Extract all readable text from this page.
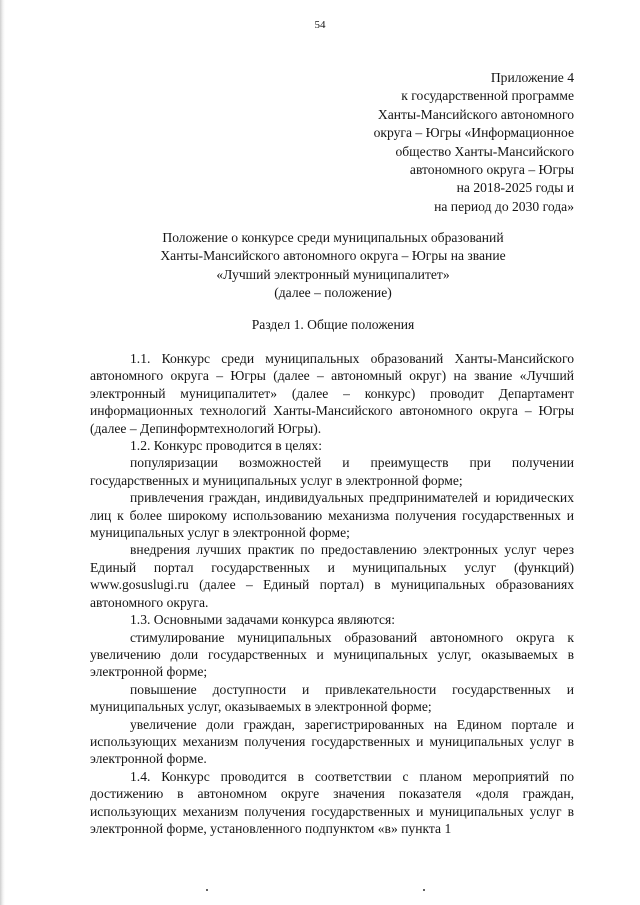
54
Приложение 4
к государственной программе
Ханты-Мансийского автономного
округа – Югры «Информационное
общество Ханты-Мансийского
автономного округа – Югры
на 2018-2025 годы и
на период до 2030 года»
Положение о конкурсе среди муниципальных образований
Ханты-Мансийского автономного округа – Югры на звание
«Лучший электронный муниципалитет»
(далее – положение)
Раздел 1. Общие положения

1.1. Конкурс среди муниципальных образований Ханты-Мансийского автономного округа – Югры (далее – автономный округ) на звание «Лучший электронный муниципалитет» (далее – конкурс) проводит Департамент информационных технологий Ханты-Мансийского автономного округа – Югры (далее – Депинформтехнологий Югры).

1.2. Конкурс проводится в целях:

популяризации возможностей и преимуществ при получении государственных и муниципальных услуг в электронной форме;

привлечения граждан, индивидуальных предпринимателей и юридических лиц к более широкому использованию механизма получения государственных и муниципальных услуг в электронной форме;

внедрения лучших практик по предоставлению электронных услуг через Единый портал государственных и муниципальных услуг (функций) www.gosuslugi.ru (далее – Единый портал) в муниципальных образованиях автономного округа.

1.3. Основными задачами конкурса являются:

стимулирование муниципальных образований автономного округа к увеличению доли государственных и муниципальных услуг, оказываемых в электронной форме;

повышение доступности и привлекательности государственных и муниципальных услуг, оказываемых в электронной форме;

увеличение доли граждан, зарегистрированных на Едином портале и использующих механизм получения государственных и муниципальных услуг в электронной форме.

1.4. Конкурс проводится в соответствии с планом мероприятий по достижению в автономном округе значения показателя «доля граждан, использующих механизм получения государственных и муниципальных услуг в электронной форме, установленного подпунктом «в» пункта 1
